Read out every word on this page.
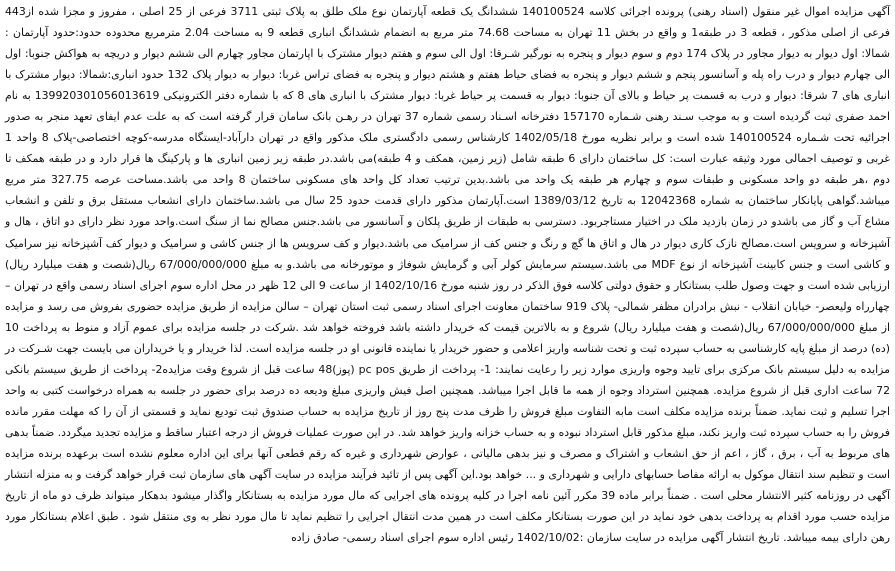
آگهی مزایده اموال غیر منقول (اسناد رهنی) پرونده اجرائی کلاسه 140100524 ششدانگ یک قطعه آپارتمان نوع ملک طلق به پلاک ثبتی 3711 فرعی از 25 اصلی ، مفروز و مجزا شده از443 فرعی از اصلی مذکور ، قطعه 3 در طبقه1 و واقع در بخش 11 تهران به مساحت 74.68 متر مربع به انضمام ششدانگ انباری قطعه 9 به مساحت 2.04 مترمربع محدوده حدود:حدود آپارتمان : شمالا: اول دیوار به دیوار مجاور در پلاک 174 دوم و سوم دیوار و پنجره به نورگیر شـرقا: اول الی سوم و هفتم دیوار مشترک با اپارتمان مجاور چهارم الی ششم دیوار و دریچه به هواکش جنوبا: اول الی چهارم دیوار و درب راه پله و آسانسور پنجم و ششم دیوار و پنجره به فضای حیاط هفتم و هشتم دیوار و پنجره به فضای تراس غربا: دیوار به دیوار پلاک 132 حدود انباری:شمالا: دیوار مشترک با انباری های 7 شرقا: دیوار و درب به قسمت پر حیاط و بالای آن جنوبا: دیوار به قسمت پر حیاط غربا: دیوار مشترک با انباری های 8 که با شماره دفتر الکترونیکی 139920301056013619 به نام احمد صفری ثبت گردیده است و به موجب سـند رهنی شـماره 157170 دفترخانه اسـناد رسمی شماره 37 تهران در رهـن بانک سامان قرار گرفته است که به علت عدم ایفای تعهد منجر به صدور اجرائیه تحت شـماره 140100524 شده است و برابر نظریه مورخ 1402/05/18 کارشناس رسمی دادگستری ملک مذکور واقع در تهران دارآباد-ایستگاه مدرسه-کوچه اختصاصی-پلاک 8 واحد 1 غربی و توصیف اجمالی مورد وثیقه عبارت است: کل ساختمان دارای 6 طبقه شامل (زیر زمین، همکف و 4 طبقه)می باشد.در طبقه زیر زمین انباری ها و پارکینگ ها قرار دارد و در طبقه همکف تا دوم ،هر طبقه دو واحد مسکونی و طبقات سوم و چهارم هر طبقه یک واحد می باشد.بدین ترتیب تعداد کل واحد های مسکونی ساختمان 8 واحد می باشد.مساحت عرصه 327.75 متر مربع میباشد.گواهی پایانکار ساختمان به شماره 12042368 به تاریخ 1389/03/12 است.آپارتمان مذکور دارای قدمت حدود 25 سال می باشد.ساختمان دارای انشعاب مستقل برق و تلفن و انشعاب مشاع آب و گاز می باشدو در زمان بازدید ملک در اختیار مستاجربود. دسترسی به طبقات از طریق پلکان و آسانسور می باشد.جنس مصالح نما از سنگ است.واحد مورد نظر دارای دو اتاق ، هال و آشپزخانه و سرویس است.مصالح نازک کاری دیوار در هال و اتاق ها گچ و رنگ و جنس کف از سرامیک می باشد.دیوار و کف سرویس ها از جنس کاشی و سرامیک و دیوار کف آشپزخانه نیز سرامیک و کاشی است و جنس کابینت آشپزخانه از نوع MDF می باشد.سیستم سرمایش کولر آبی و گرمایش شوفاژ و موتورخانه می باشد.و به مبلغ 67/000/000/000 ریال(شصت و هفت میلیارد ریال) ارزیابی شده است و جهت وصول طلب بستانکار و حقوق دولتی کلاسه فوق الذکر در روز شنبه مورخ 1402/10/16 از ساعت 9 الی 12 ظهر در محل اداره سوم اجرای اسناد رسمی واقع در تهران – چهارراه ولیعصر- خیابان انقلاب - نبش برادران مظفر شمالی- پلاک 919 ساختمان معاونت اجرای اسناد رسمی ثبت استان تهران – سالن مزایده از طریق مزایده حضوری بفروش می رسد و مزایده از مبلغ 67/000/000/000 ریال(شصت و هفت میلیارد ریال) شروع و به بالاترین قیمت که خریدار داشته باشد فروخته خواهد شد .شرکت در جلسه مزایده برای عموم آزاد و منوط به پرداخت 10 (ده) درصد از مبلغ پایه کارشناسی به حساب سپرده ثبت و تحت شناسه واریز اعلامی و حضور خریدار یا نماینده قانونی او در جلسه مزایده است. لذا خریدار و یا خریداران می بایست جهت شـرکت در مزایده به دلیل سیستم بانک مرکزی برای تایید وجوه واریزی موارد زیر را رعایت نمایند: 1- پرداخت از طریق pc pos (پوز)48 ساعت قبل از شروع وقت مزایده2- پرداخت از طریق سیستم بانکی 72 ساعت اداری قبل از شروع مزایده. همچنین استرداد وجوه از همه ما قابل اجرا میباشد. همچنین اصل فیش واریزی مبلغ ودیعه ده درصد برای حضور در جلسه به همراه درخواست کتبی به واحد اجرا تسلیم و ثبت نماید. ضمناً برنده مزایده مکلف است مابه التفاوت مبلغ فروش را ظرف مدت پنج روز از تاریخ مزایده به حساب صندوق ثبت تودیع نماید و قسمتی از آن را که مهلت مقرر مانده فروش را به حساب سپرده ثبت واریز نکند، مبلغ مذکور قابل استرداد نبوده و به حساب خزانه واریز خواهد شد. در این صورت عملیات فروش از درجه اعتبار ساقط و مزایده تجدید میگردد. ضمناً بدهی های مربوط به آب ، برق ، گاز ، اعم از حق انشعاب و اشتراک و مصرف و نیز بدهی مالیاتی ، عوارض شهرداری و غیره که رقم قطعی آنها برای این اداره معلوم نشده است برعهده برنده مزایده است و تنظیم سند انتقال موکول به ارائه مفاصا حسابهای دارایی و شهرداری و ... خواهد بود.این آگهی پس از تائید فرآیند مزایده در سایت آگهی های سازمان ثبت قرار خواهد گرفت و به منزله انتشار آگهی در روزنامه کثیر الانتشار محلی است . ضمناً برابر ماده 39 مکرر آئین نامه اجرا در کلیه پرونده های اجرایی که مال مورد مزایده به بستانکار واگذار میشود بدهکار میتواند ظرف دو ماه از تاریخ مزایده حسب مورد اقدام به پرداخت بدهی خود نماید در این صورت بستانکار مکلف است در همین مدت انتقال اجرایی را تنظیم نماید تا مال مورد نظر به وی منتقل شود . طبق اعلام بستانکار مورد رهن دارای بیمه میباشد. تاریخ انتشار آگهی مزایده در سایت سازمان :1402/10/02 رئیس اداره سوم اجرای اسناد رسمی- صادق زاده
